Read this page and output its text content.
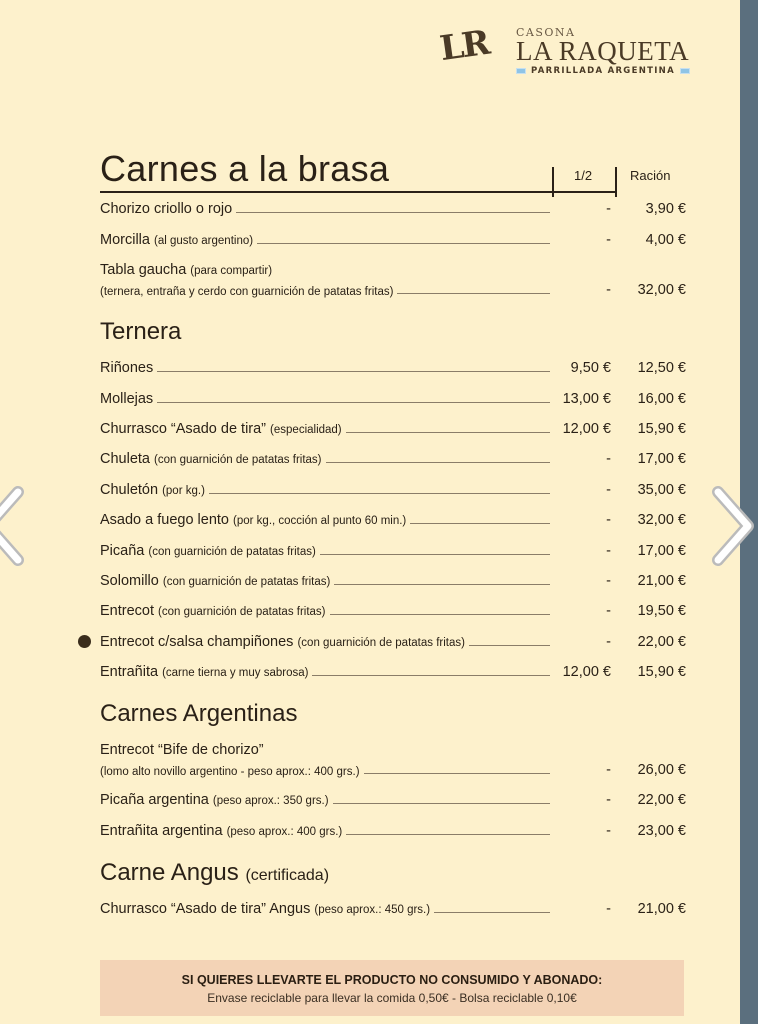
LR CASONA
LA RAQUETA
PARRILLADA ARGENTINA
Carnes a la brasa	1/2	Ración
Chorizo criollo o rojo	-	3,90 €
Morcilla (al gusto argentino)	-	4,00 €
Tabla gaucha (para compartir)
(ternera, entraña y cerdo con guarnición de patatas fritas)	-	32,00 €
Ternera
Riñones	9,50 €	12,50 €
Mollejas	13,00 €	16,00 €
Churrasco “Asado de tira” (especialidad)	12,00 €	15,90 €
Chuleta (con guarnición de patatas fritas)	-	17,00 €
Chuletón (por kg.)	-	35,00 €
Asado a fuego lento (por kg., cocción al punto 60 min.)	-	32,00 €
Picaña (con guarnición de patatas fritas)	-	17,00 €
Solomillo (con guarnición de patatas fritas)	-	21,00 €
Entrecot (con guarnición de patatas fritas)	-	19,50 €
Entrecot c/salsa champiñones (con guarnición de patatas fritas)	-	22,00 €
Entrañita (carne tierna y muy sabrosa)	12,00 €	15,90 €
Carnes Argentinas
Entrecot “Bife de chorizo”
(lomo alto novillo argentino - peso aprox.: 400 grs.)	-	26,00 €
Picaña argentina (peso aprox.: 350 grs.)	-	22,00 €
Entrañita argentina (peso aprox.: 400 grs.)	-	23,00 €
Carne Angus (certificada)
Churrasco “Asado de tira” Angus (peso aprox.: 450 grs.)	-	21,00 €
SI QUIERES LLEVARTE EL PRODUCTO NO CONSUMIDO Y ABONADO:
Envase reciclable para llevar la comida 0,50€ - Bolsa reciclable 0,10€
